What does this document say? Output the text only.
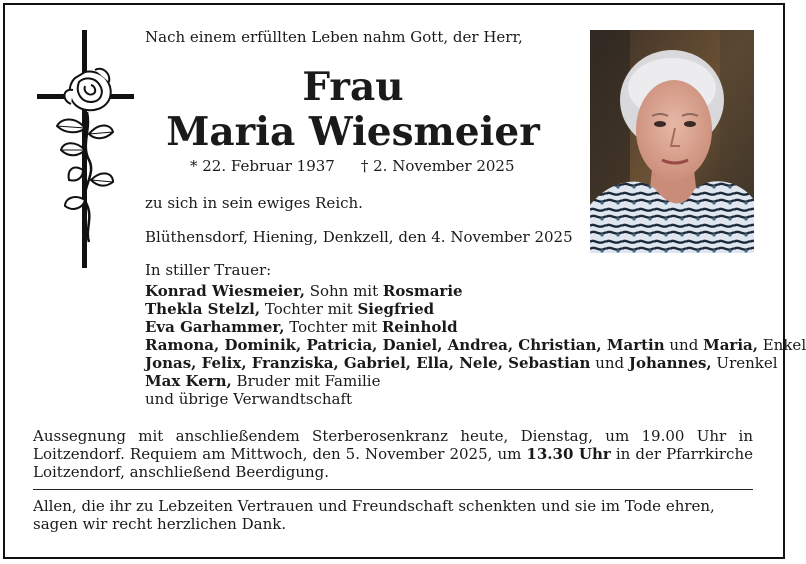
Nach einem erfüllten Leben nahm Gott, der Herr,
Frau
Maria Wiesmeier
* 22. Februar 1937 † 2. November 2025
zu sich in sein ewiges Reich.
Blüthensdorf, Hiening, Denkzell, den 4. November 2025
In stiller Trauer:
Konrad Wiesmeier, Sohn mit Rosmarie
Thekla Stelzl, Tochter mit Siegfried
Eva Garhammer, Tochter mit Reinhold
Ramona, Dominik, Patricia, Daniel, Andrea, Christian, Martin und Maria, Enkel
Jonas, Felix, Franziska, Gabriel, Ella, Nele, Sebastian und Johannes, Urenkel
Max Kern, Bruder mit Familie
und übrige Verwandtschaft
Aussegnung mit anschließendem Sterberosenkranz heute, Dienstag, um 19.00 Uhr in
Loitzendorf. Requiem am Mittwoch, den 5. November 2025, um 13.30 Uhr in der Pfarrkirche
Loitzendorf, anschließend Beerdigung.
Allen, die ihr zu Lebzeiten Vertrauen und Freundschaft schenkten und sie im Tode ehren, sagen wir recht herzlichen Dank.
